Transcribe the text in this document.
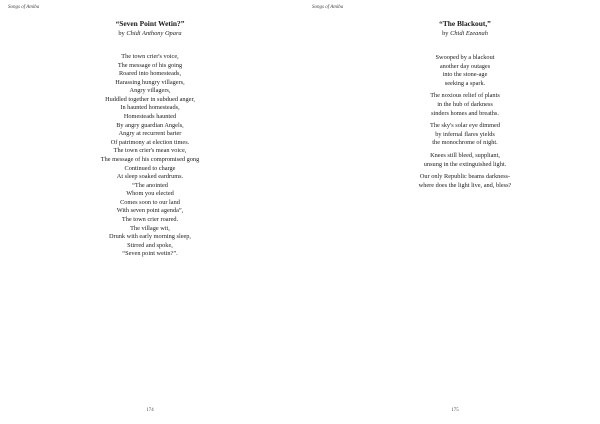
Songs of Amiba
“Seven Point Wetin?”
by Chidi Anthony Opara
The town crier's voice,
The message of his going
Roared into homesteads,
Harassing hungry villagers,
Angry villagers,
Huddled together in subdued anger,
In haunted homesteads,
Homesteads haunted
By angry guardian Angels,
Angry at recurrent barter
Of patrimony at election times.
The town crier's mean voice,
The message of his compromised gong
Continued to charge
At sleep soaked eardrums.
“The anointed
Whom you elected
Comes soon to our land
With seven point agenda”,
The town crier roared.
The village wit,
Drunk with early morning sleep,
Stirred and spoke,
“Seven point wetin?”.
174
Songs of Amiba
“The Blackout,”
by Chidi Ezeanah
Swooped by a blackout
another day outages
into the stone-age
seeking a spark.
The noxious relief of plants
in the hub of darkness
sinders homes and breaths.
The sky's solar eye dimmed
by infernal flares yields
the monochrome of night.
Knees still bleed, suppliant,
unsung in the extinguished light.
Our only Republic beams darkness-
where does the light live, and, bless?
175
